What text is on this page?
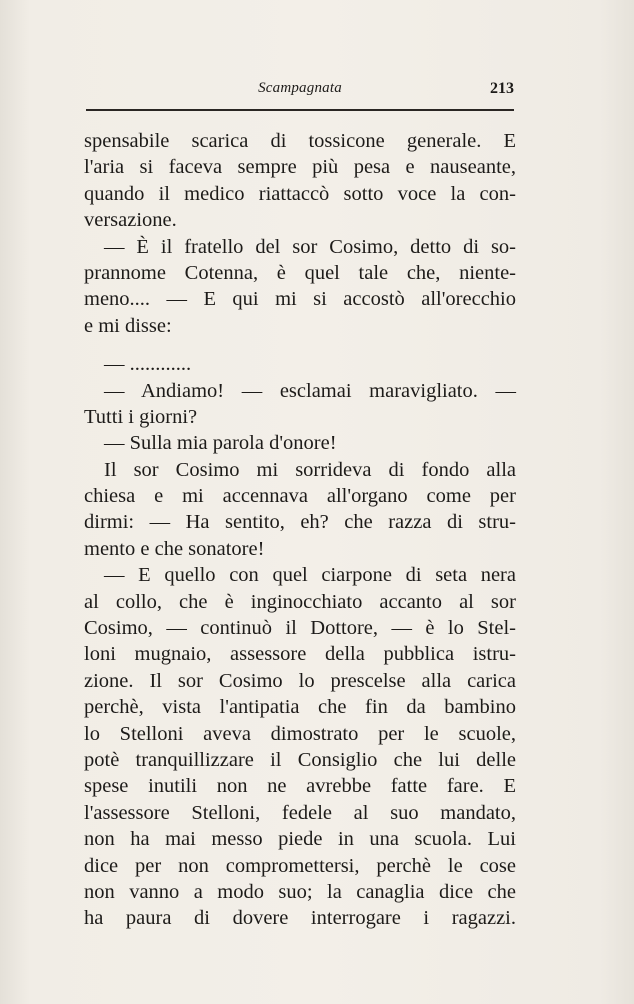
Scampagnata	213
spensabile scarica di tossicone generale. E
l'aria si faceva sempre più pesa e nauseante,
quando il medico riattaccò sotto voce la con-
versazione.
— È il fratello del sor Cosimo, detto di so-
prannome Cotenna, è quel tale che, niente-
meno.... — E qui mi si accostò all'orecchio
e mi disse:
— ............
— Andiamo! — esclamai maravigliato. —
Tutti i giorni?
— Sulla mia parola d'onore!
Il sor Cosimo mi sorrideva di fondo alla
chiesa e mi accennava all'organo come per
dirmi: — Ha sentito, eh? che razza di stru-
mento e che sonatore!
— E quello con quel ciarpone di seta nera
al collo, che è inginocchiato accanto al sor
Cosimo, — continuò il Dottore, — è lo Stel-
loni mugnaio, assessore della pubblica istru-
zione. Il sor Cosimo lo prescelse alla carica
perchè, vista l'antipatia che fin da bambino
lo Stelloni aveva dimostrato per le scuole,
potè tranquillizzare il Consiglio che lui delle
spese inutili non ne avrebbe fatte fare. E
l'assessore Stelloni, fedele al suo mandato,
non ha mai messo piede in una scuola. Lui
dice per non compromettersi, perchè le cose
non vanno a modo suo; la canaglia dice che
ha paura di dovere interrogare i ragazzi.
